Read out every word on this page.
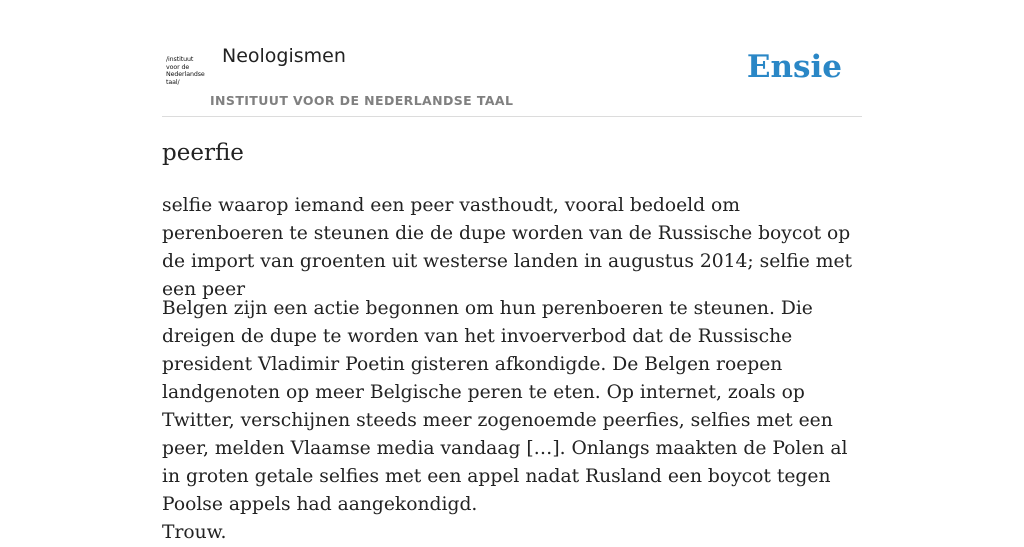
/instituut
voor de
Nederlandse
taal/
Neologismen
INSTITUUT VOOR DE NEDERLANDSE TAAL
Ensie
peerfie

selfie waarop iemand een peer vasthoudt, vooral bedoeld om perenboeren te steunen die de dupe worden van de Russische boycot op de import van groenten uit westerse landen in augustus 2014; selfie met een peer

Belgen zijn een actie begonnen om hun perenboeren te steunen. Die dreigen de dupe te worden van het invoerverbod dat de Russische president Vladimir Poetin gisteren afkondigde. De Belgen roepen landgenoten op meer Belgische peren te eten. Op internet, zoals op Twitter, verschijnen steeds meer zogenoemde peerfies, selfies met een peer, melden Vlaamse media vandaag […]. Onlangs maakten de Polen al in groten getale selfies met een appel nadat Rusland een boycot tegen Poolse appels had aangekondigd.
Trouw.
